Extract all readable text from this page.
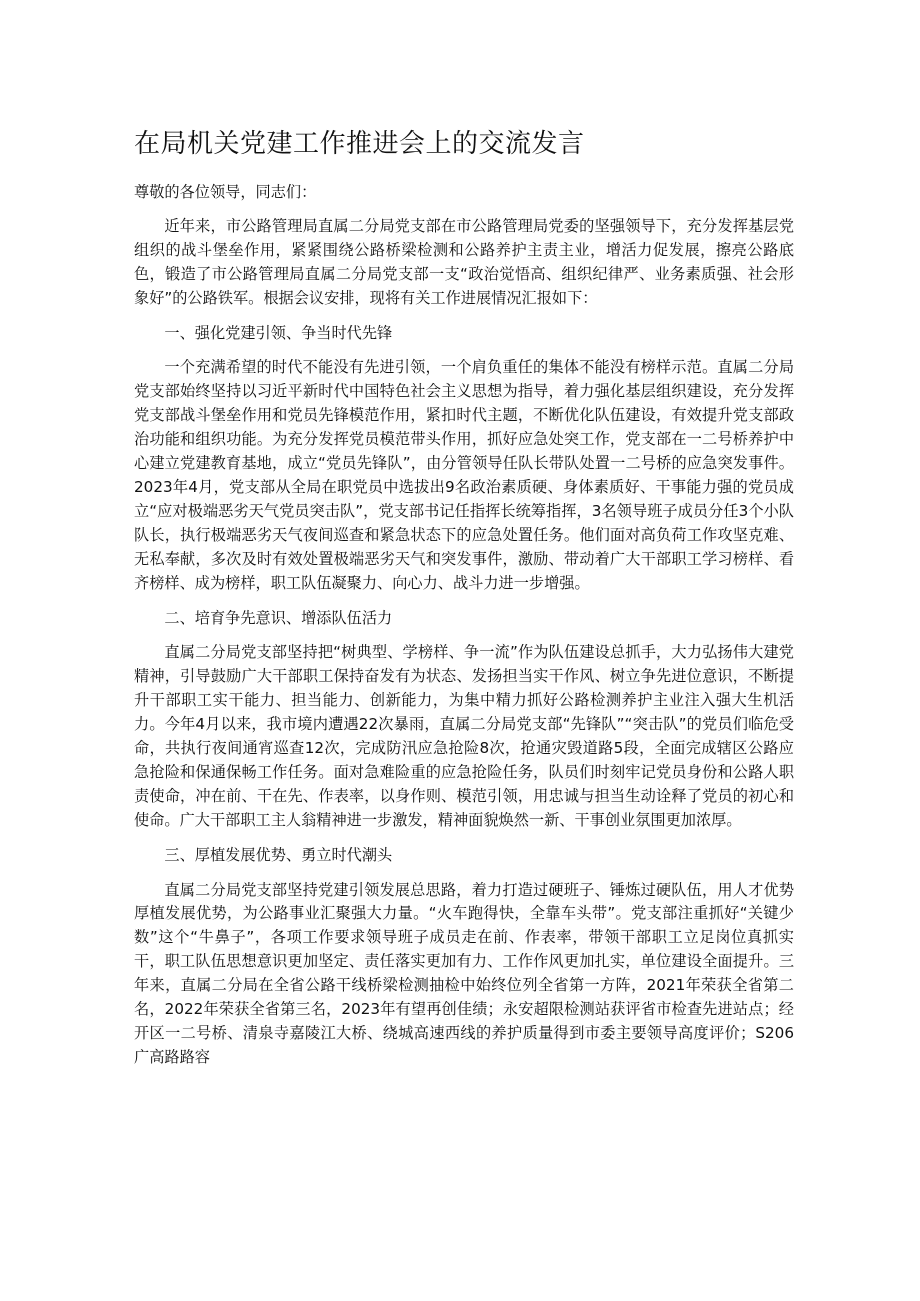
在局机关党建工作推进会上的交流发言

尊敬的各位领导，同志们：

近年来，市公路管理局直属二分局党支部在市公路管理局党委的坚强领导下，充分发挥基层党组织的战斗堡垒作用，紧紧围绕公路桥梁检测和公路养护主责主业，增活力促发展，擦亮公路底色，锻造了市公路管理局直属二分局党支部一支“政治觉悟高、组织纪律严、业务素质强、社会形象好”的公路铁军。根据会议安排，现将有关工作进展情况汇报如下：

一、强化党建引领、争当时代先锋

一个充满希望的时代不能没有先进引领，一个肩负重任的集体不能没有榜样示范。直属二分局党支部始终坚持以习近平新时代中国特色社会主义思想为指导，着力强化基层组织建设，充分发挥党支部战斗堡垒作用和党员先锋模范作用，紧扣时代主题，不断优化队伍建设，有效提升党支部政治功能和组织功能。为充分发挥党员模范带头作用，抓好应急处突工作，党支部在一二号桥养护中心建立党建教育基地，成立“党员先锋队”，由分管领导任队长带队处置一二号桥的应急突发事件。2023年4月，党支部从全局在职党员中选拔出9名政治素质硬、身体素质好、干事能力强的党员成立“应对极端恶劣天气党员突击队”，党支部书记任指挥长统筹指挥，3名领导班子成员分任3个小队队长，执行极端恶劣天气夜间巡查和紧急状态下的应急处置任务。他们面对高负荷工作攻坚克难、无私奉献，多次及时有效处置极端恶劣天气和突发事件，激励、带动着广大干部职工学习榜样、看齐榜样、成为榜样，职工队伍凝聚力、向心力、战斗力进一步增强。

二、培育争先意识、增添队伍活力

直属二分局党支部坚持把“树典型、学榜样、争一流”作为队伍建设总抓手，大力弘扬伟大建党精神，引导鼓励广大干部职工保持奋发有为状态、发扬担当实干作风、树立争先进位意识，不断提升干部职工实干能力、担当能力、创新能力，为集中精力抓好公路检测养护主业注入强大生机活力。今年4月以来，我市境内遭遇22次暴雨，直属二分局党支部“先锋队”“突击队”的党员们临危受命，共执行夜间通宵巡查12次，完成防汛应急抢险8次，抢通灾毁道路5段，全面完成辖区公路应急抢险和保通保畅工作任务。面对急难险重的应急抢险任务，队员们时刻牢记党员身份和公路人职责使命，冲在前、干在先、作表率，以身作则、模范引领，用忠诚与担当生动诠释了党员的初心和使命。广大干部职工主人翁精神进一步激发，精神面貌焕然一新、干事创业氛围更加浓厚。

三、厚植发展优势、勇立时代潮头

直属二分局党支部坚持党建引领发展总思路，着力打造过硬班子、锤炼过硬队伍，用人才优势厚植发展优势，为公路事业汇聚强大力量。“火车跑得快，全靠车头带”。党支部注重抓好“关键少数”这个“牛鼻子”，各项工作要求领导班子成员走在前、作表率，带领干部职工立足岗位真抓实干，职工队伍思想意识更加坚定、责任落实更加有力、工作作风更加扎实，单位建设全面提升。三年来，直属二分局在全省公路干线桥梁检测抽检中始终位列全省第一方阵，2021年荣获全省第二名，2022年荣获全省第三名，2023年有望再创佳绩；永安超限检测站获评省市检查先进站点；经开区一二号桥、清泉寺嘉陵江大桥、绕城高速西线的养护质量得到市委主要领导高度评价；S206广高路路容
